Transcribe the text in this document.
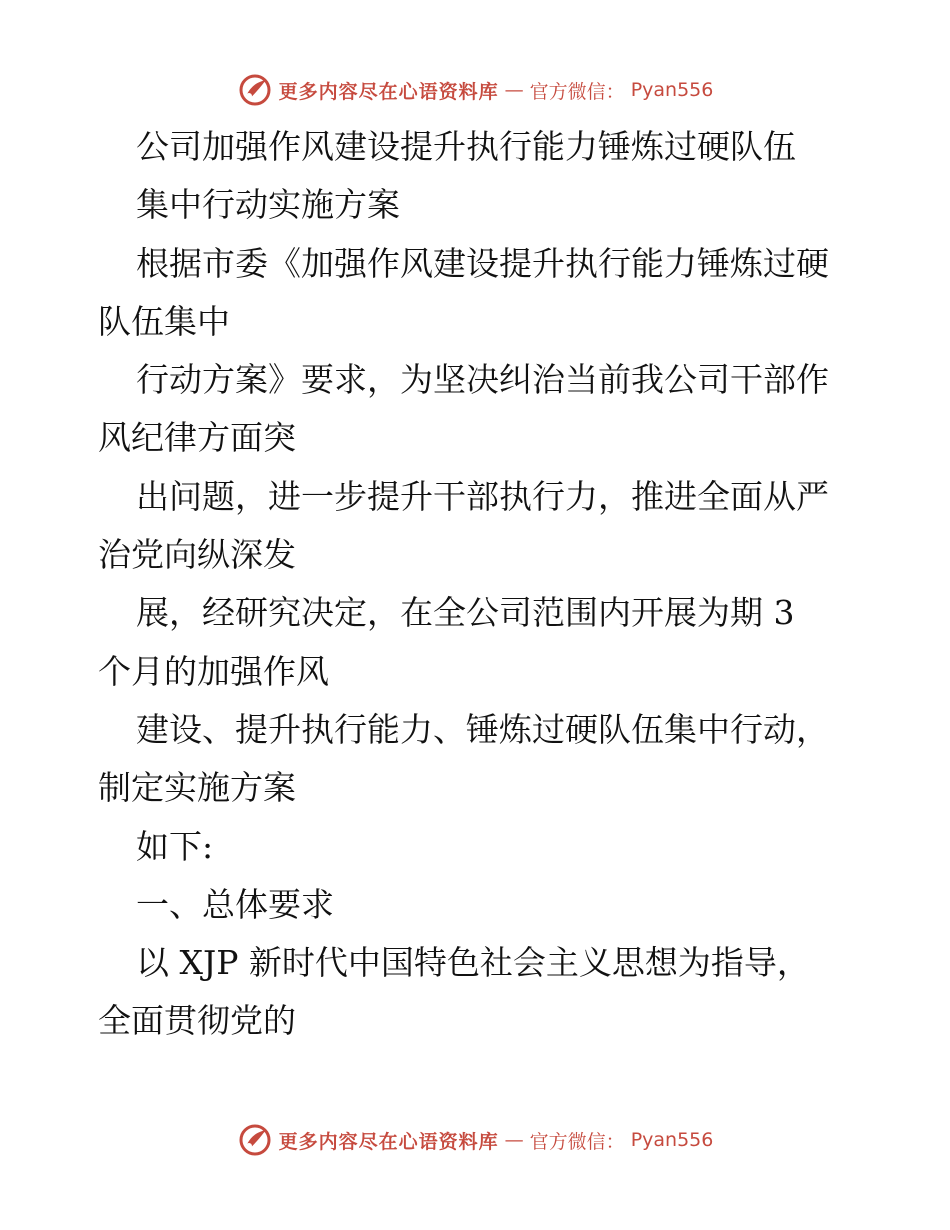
更多内容尽在心语资料库 — 官方微信： Pyan556
公司加强作风建设提升执行能力锤炼过硬队伍
集中行动实施方案
根据市委《加强作风建设提升执行能力锤炼过硬
队伍集中
行动方案》要求，为坚决纠治当前我公司干部作
风纪律方面突
出问题，进一步提升干部执行力，推进全面从严
治党向纵深发
展，经研究决定，在全公司范围内开展为期 3
个月的加强作风
建设、提升执行能力、锤炼过硬队伍集中行动，
制定实施方案
如下:
一、总体要求
以 XJP 新时代中国特色社会主义思想为指导，
全面贯彻党的
更多内容尽在心语资料库 — 官方微信： Pyan556
